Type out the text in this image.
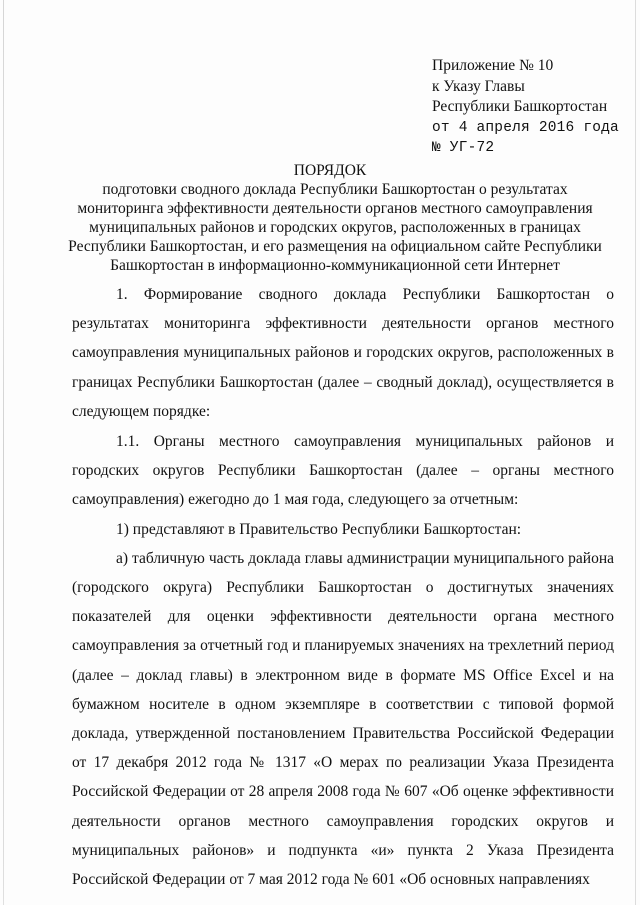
Приложение № 10
к Указу Главы
Республики Башкортостан
от 4 апреля 2016 года
№ УГ-72
ПОРЯДОК
подготовки сводного доклада Республики Башкортостан о результатах мониторинга эффективности деятельности органов местного самоуправления муниципальных районов и городских округов, расположенных в границах Республики Башкортостан, и его размещения на официальном сайте Республики Башкортостан в информационно-коммуникационной сети Интернет

1. Формирование сводного доклада Республики Башкортостан о результатах мониторинга эффективности деятельности органов местного самоуправления муниципальных районов и городских округов, расположенных в границах Республики Башкортостан (далее – сводный доклад), осуществляется в следующем порядке:

1.1. Органы местного самоуправления муниципальных районов и городских округов Республики Башкортостан (далее – органы местного самоуправления) ежегодно до 1 мая года, следующего за отчетным:

1) представляют в Правительство Республики Башкортостан:

а) табличную часть доклада главы администрации муниципального района (городского округа) Республики Башкортостан о достигнутых значениях показателей для оценки эффективности деятельности органа местного самоуправления за отчетный год и планируемых значениях на трехлетний период (далее – доклад главы) в электронном виде в формате MS Office Excel и на бумажном носителе в одном экземпляре в соответствии с типовой формой доклада, утвержденной постановлением Правительства Российской Федерации от 17 декабря 2012 года № 1317 «О мерах по реализации Указа Президента Российской Федерации от 28 апреля 2008 года № 607 «Об оценке эффективности деятельности органов местного самоуправления городских округов и муниципальных районов» и подпункта «и» пункта 2 Указа Президента Российской Федерации от 7 мая 2012 года № 601 «Об основных направлениях
